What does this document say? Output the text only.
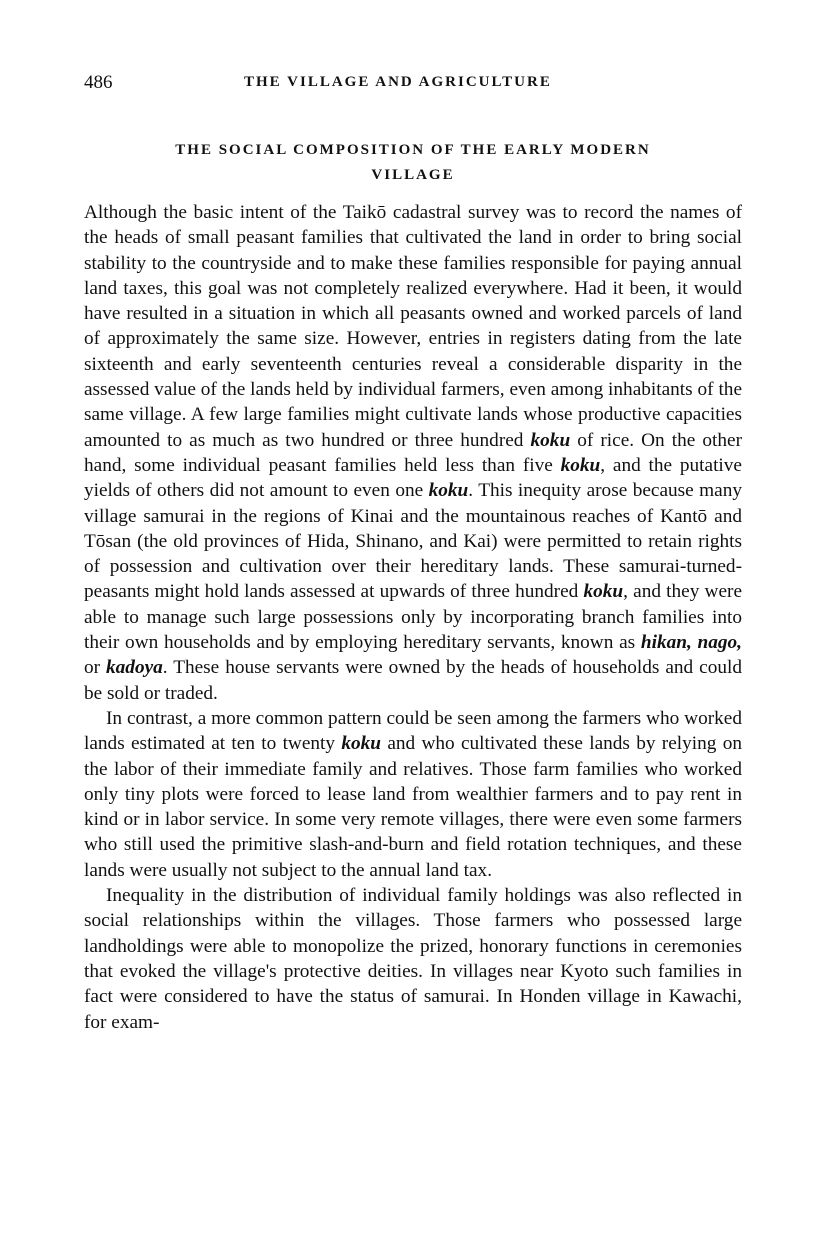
486	THE VILLAGE AND AGRICULTURE
THE SOCIAL COMPOSITION OF THE EARLY MODERN
VILLAGE

Although the basic intent of the Taikō cadastral survey was to record the names of the heads of small peasant families that cultivated the land in order to bring social stability to the countryside and to make these families responsible for paying annual land taxes, this goal was not completely realized everywhere. Had it been, it would have resulted in a situation in which all peasants owned and worked parcels of land of approximately the same size. However, entries in registers dating from the late sixteenth and early seventeenth centuries reveal a considerable disparity in the assessed value of the lands held by individual farmers, even among inhabitants of the same village. A few large families might cultivate lands whose productive capacities amounted to as much as two hundred or three hundred koku of rice. On the other hand, some individual peasant families held less than five koku, and the putative yields of others did not amount to even one koku. This inequity arose because many village samurai in the regions of Kinai and the mountainous reaches of Kantō and Tōsan (the old provinces of Hida, Shinano, and Kai) were permitted to retain rights of possession and cultivation over their hereditary lands. These samurai-turned-peasants might hold lands assessed at upwards of three hundred koku, and they were able to manage such large possessions only by incorporating branch families into their own households and by employing hereditary servants, known as hikan, nago, or kadoya. These house servants were owned by the heads of households and could be sold or traded.

In contrast, a more common pattern could be seen among the farmers who worked lands estimated at ten to twenty koku and who cultivated these lands by relying on the labor of their immediate family and relatives. Those farm families who worked only tiny plots were forced to lease land from wealthier farmers and to pay rent in kind or in labor service. In some very remote villages, there were even some farmers who still used the primitive slash-and-burn and field rotation techniques, and these lands were usually not subject to the annual land tax.

Inequality in the distribution of individual family holdings was also reflected in social relationships within the villages. Those farmers who possessed large landholdings were able to monopolize the prized, honorary functions in ceremonies that evoked the village's protective deities. In villages near Kyoto such families in fact were considered to have the status of samurai. In Honden village in Kawachi, for exam-
